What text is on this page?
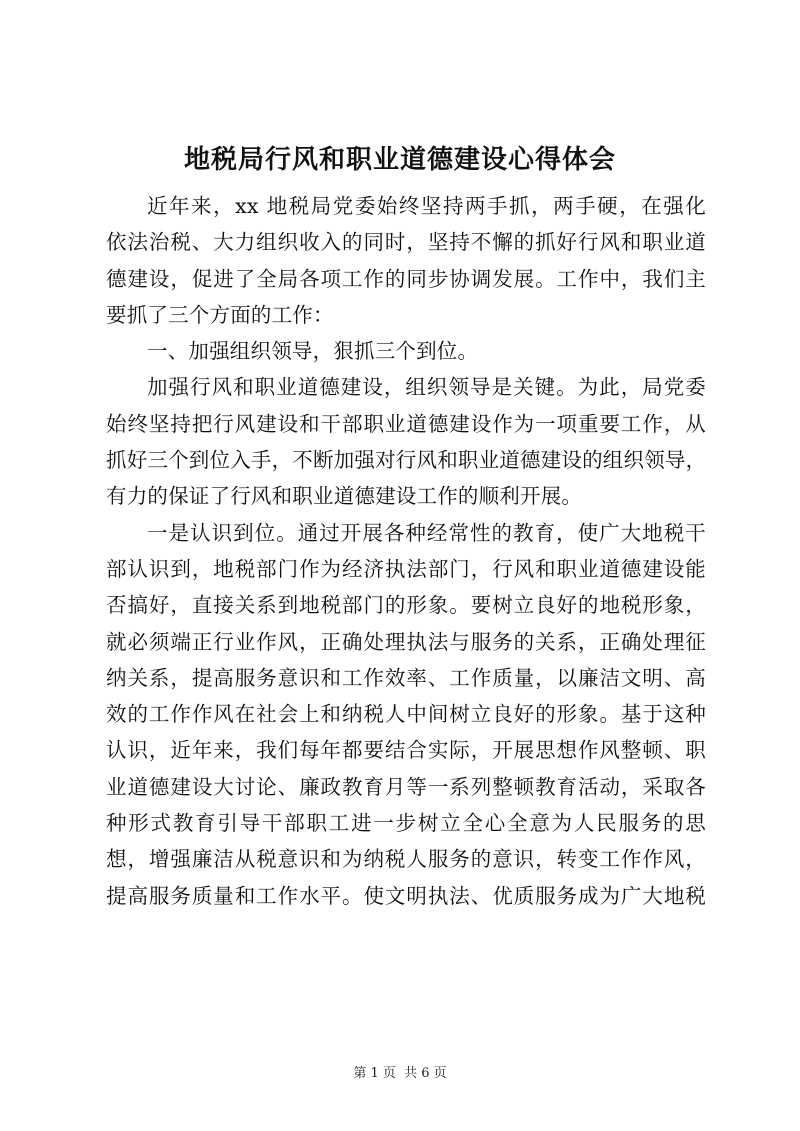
地税局行风和职业道德建设心得体会
近年来，xx 地税局党委始终坚持两手抓，两手硬，在强化
依法治税、大力组织收入的同时，坚持不懈的抓好行风和职业道
德建设，促进了全局各项工作的同步协调发展。工作中，我们主
要抓了三个方面的工作：
一、加强组织领导，狠抓三个到位。
加强行风和职业道德建设，组织领导是关键。为此，局党委
始终坚持把行风建设和干部职业道德建设作为一项重要工作，从
抓好三个到位入手，不断加强对行风和职业道德建设的组织领导，
有力的保证了行风和职业道德建设工作的顺利开展。
一是认识到位。通过开展各种经常性的教育，使广大地税干
部认识到，地税部门作为经济执法部门，行风和职业道德建设能
否搞好，直接关系到地税部门的形象。要树立良好的地税形象，
就必须端正行业作风，正确处理执法与服务的关系，正确处理征
纳关系，提高服务意识和工作效率、工作质量，以廉洁文明、高
效的工作作风在社会上和纳税人中间树立良好的形象。基于这种
认识，近年来，我们每年都要结合实际，开展思想作风整顿、职
业道德建设大讨论、廉政教育月等一系列整顿教育活动，采取各
种形式教育引导干部职工进一步树立全心全意为人民服务的思
想，增强廉洁从税意识和为纳税人服务的意识，转变工作作风，
提高服务质量和工作水平。使文明执法、优质服务成为广大地税
第 1 页 共 6 页
